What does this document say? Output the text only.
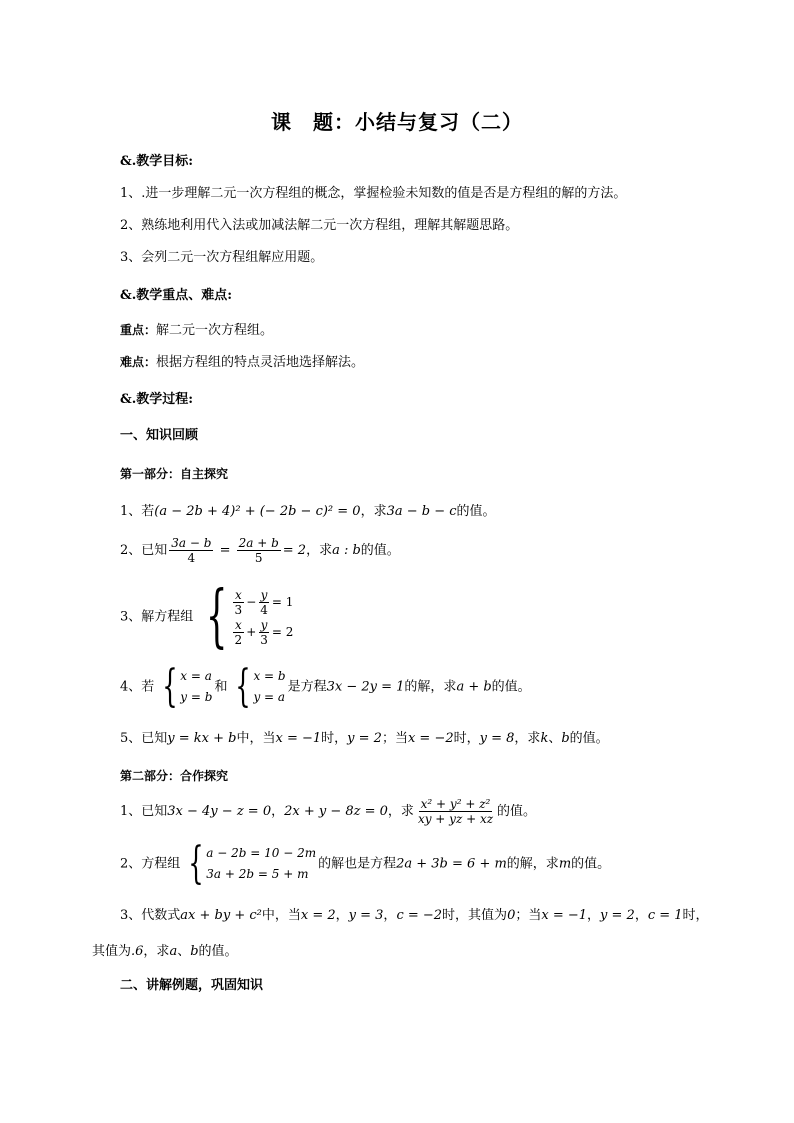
课　题：小结与复习（二）
&.教学目标:
1、.进一步理解二元一次方程组的概念，掌握检验未知数的值是否是方程组的解的方法。
2、熟练地利用代入法或加减法解二元一次方程组，理解其解题思路。
3、会列二元一次方程组解应用题。
&.教学重点、难点:
重点：解二元一次方程组。
难点：根据方程组的特点灵活地选择解法。
&.教学过程:
一、知识回顾
第一部分：自主探究
1、若(a − 2b + 4)² + (− 2b − c)² = 0，求3a − b − c的值。
2、已知 $\frac{3a - b}{4} = \frac{2a + b}{5} = 2$，求a : b的值。
3、解方程组 { $\frac{x}{3} - \frac{y}{4} = 1$
$\frac{x}{2} + \frac{y}{3} = 2$
4、若 { x = a
y = b
和 { x = b
y = a
是方程3x − 2y = 1的解，求a + b的值。
5、已知y = kx + b中，当x = −1时，y = 2；当x = −2时，y = 8，求k、b的值。
第二部分：合作探究
1、已知3x − 4y − z = 0，2x + y − 8z = 0，求 $\frac{\text{x² + y² + z²}}{xy + yz + xz}$ 的值。
2、方程组 { a − 2b = 10 − 2m
3a + 2b = 5 + m
的解也是方程2a + 3b = 6 + m的解，求m的值。
3、代数式ax + by + c²中，当x = 2，y = 3，c = −2时，其值为0；当x = −1，y = 2，c = 1时，
其值为.6，求a、b的值。
二、讲解例题，巩固知识
